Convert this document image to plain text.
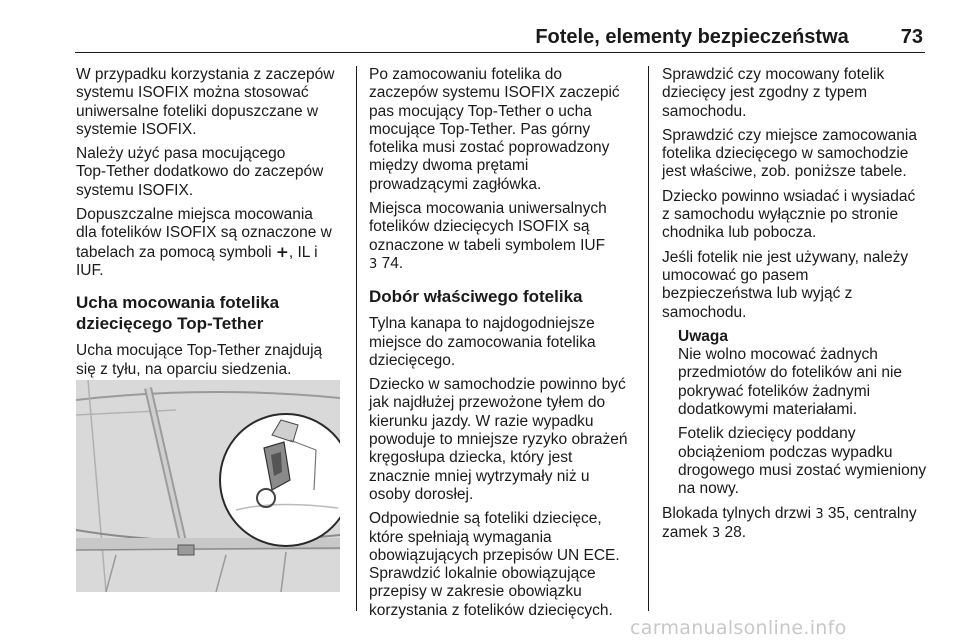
Fotele, elementy bezpieczeństwa	73

W przypadku korzystania z zaczepów
systemu ISOFIX można stosować
uniwersalne foteliki dopuszczane w
systemie ISOFIX.

Należy użyć pasa mocującego
Top-Tether dodatkowo do zaczepów
systemu ISOFIX.

Dopuszczalne miejsca mocowania
dla fotelików ISOFIX są oznaczone w
tabelach za pomocą symboli +, IL i
IUF.

Ucha mocowania fotelika
dziecięcego Top-Tether

Ucha mocujące Top-Tether znajdują
się z tyłu, na oparciu siedzenia.

Po zamocowaniu fotelika do
zaczepów systemu ISOFIX zaczepić
pas mocujący Top-Tether o ucha
mocujące Top-Tether. Pas górny
fotelika musi zostać poprowadzony
między dwoma prętami
prowadzącymi zagłówka.

Miejsca mocowania uniwersalnych
fotelików dziecięcych ISOFIX są
oznaczone w tabeli symbolem IUF
3 74.

Dobór właściwego fotelika

Tylna kanapa to najdogodniejsze
miejsce do zamocowania fotelika
dziecięcego.

Dziecko w samochodzie powinno być
jak najdłużej przewożone tyłem do
kierunku jazdy. W razie wypadku
powoduje to mniejsze ryzyko obrażeń
kręgosłupa dziecka, który jest
znacznie mniej wytrzymały niż u
osoby dorosłej.

Odpowiednie są foteliki dziecięce,
które spełniają wymagania
obowiązujących przepisów UN ECE.
Sprawdzić lokalnie obowiązujące
przepisy w zakresie obowiązku
korzystania z fotelików dziecięcych.

Sprawdzić czy mocowany fotelik
dziecięcy jest zgodny z typem
samochodu.

Sprawdzić czy miejsce zamocowania
fotelika dziecięcego w samochodzie
jest właściwe, zob. poniższe tabele.

Dziecko powinno wsiadać i wysiadać
z samochodu wyłącznie po stronie
chodnika lub pobocza.

Jeśli fotelik nie jest używany, należy
umocować go pasem
bezpieczeństwa lub wyjąć z
samochodu.

Uwaga

Nie wolno mocować żadnych
przedmiotów do fotelików ani nie
pokrywać fotelików żadnymi
dodatkowymi materiałami.

Fotelik dziecięcy poddany
obciążeniom podczas wypadku
drogowego musi zostać wymieniony
na nowy.

Blokada tylnych drzwi 3 35, centralny
zamek 3 28.

carmanualsonline.info
